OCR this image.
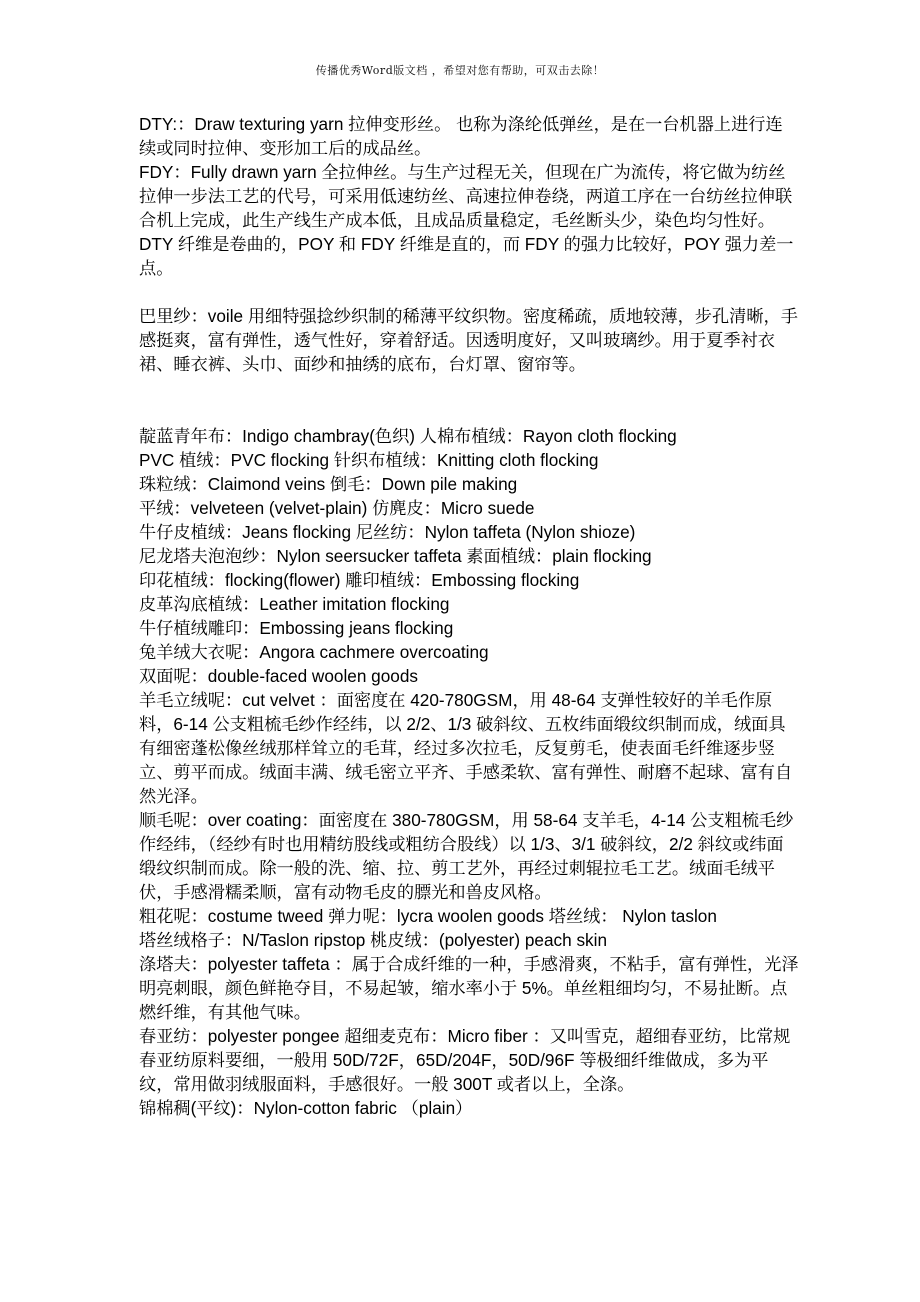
传播优秀Word版文档 ，希望对您有帮助，可双击去除！

DTY:：Draw texturing yarn 拉伸变形丝。 也称为涤纶低弹丝，是在一台机器上进行连续或同时拉伸、变形加工后的成品丝。

FDY：Fully drawn yarn 全拉伸丝。与生产过程无关，但现在广为流传，将它做为纺丝拉伸一步法工艺的代号，可采用低速纺丝、高速拉伸卷绕，两道工序在一台纺丝拉伸联合机上完成，此生产线生产成本低，且成品质量稳定，毛丝断头少，染色均匀性好。DTY 纤维是卷曲的，POY 和 FDY 纤维是直的，而 FDY 的强力比较好，POY 强力差一点。

巴里纱：voile 用细特强捻纱织制的稀薄平纹织物。密度稀疏，质地较薄，步孔清晰，手感挺爽，富有弹性，透气性好，穿着舒适。因透明度好，又叫玻璃纱。用于夏季衬衣裙、睡衣裤、头巾、面纱和抽绣的底布，台灯罩、窗帘等。

靛蓝青年布：Indigo chambray(色织) 人棉布植绒：Rayon cloth flocking

PVC 植绒：PVC flocking 针织布植绒：Knitting cloth flocking

珠粒绒：Claimond veins 倒毛：Down pile making

平绒：velveteen (velvet-plain) 仿麂皮：Micro suede

牛仔皮植绒：Jeans flocking 尼丝纺：Nylon taffeta (Nylon shioze)

尼龙塔夫泡泡纱：Nylon seersucker taffeta 素面植绒：plain flocking

印花植绒：flocking(flower) 雕印植绒：Embossing flocking

皮革沟底植绒：Leather imitation flocking

牛仔植绒雕印：Embossing jeans flocking

兔羊绒大衣呢：Angora cachmere overcoating

双面呢：double-faced woolen goods

羊毛立绒呢：cut velvet ：面密度在 420-780GSM，用 48-64 支弹性较好的羊毛作原料，6-14 公支粗梳毛纱作经纬，以 2/2、1/3 破斜纹、五枚纬面缎纹织制而成，绒面具有细密蓬松像丝绒那样耸立的毛茸，经过多次拉毛，反复剪毛，使表面毛纤维逐步竖立、剪平而成。绒面丰满、绒毛密立平齐、手感柔软、富有弹性、耐磨不起球、富有自然光泽。

顺毛呢：over coating：面密度在 380-780GSM，用 58-64 支羊毛，4-14 公支粗梳毛纱作经纬，（经纱有时也用精纺股线或粗纺合股线）以 1/3、3/1 破斜纹，2/2 斜纹或纬面缎纹织制而成。除一般的洗、缩、拉、剪工艺外，再经过刺辊拉毛工艺。绒面毛绒平伏，手感滑糯柔顺，富有动物毛皮的膘光和兽皮风格。

粗花呢：costume tweed 弹力呢：lycra woolen goods 塔丝绒： Nylon taslon

塔丝绒格子：N/Taslon ripstop 桃皮绒：(polyester) peach skin

涤塔夫：polyester taffeta ：属于合成纤维的一种，手感滑爽，不粘手，富有弹性，光泽明亮刺眼，颜色鲜艳夺目，不易起皱，缩水率小于 5%。单丝粗细均匀，不易扯断。点燃纤维，有其他气味。

春亚纺：polyester pongee 超细麦克布：Micro fiber ：又叫雪克，超细春亚纺，比常规春亚纺原料要细，一般用 50D/72F，65D/204F，50D/96F 等极细纤维做成，多为平纹，常用做羽绒服面料，手感很好。一般 300T 或者以上，全涤。

锦棉稠(平纹)：Nylon-cotton fabric （plain）
